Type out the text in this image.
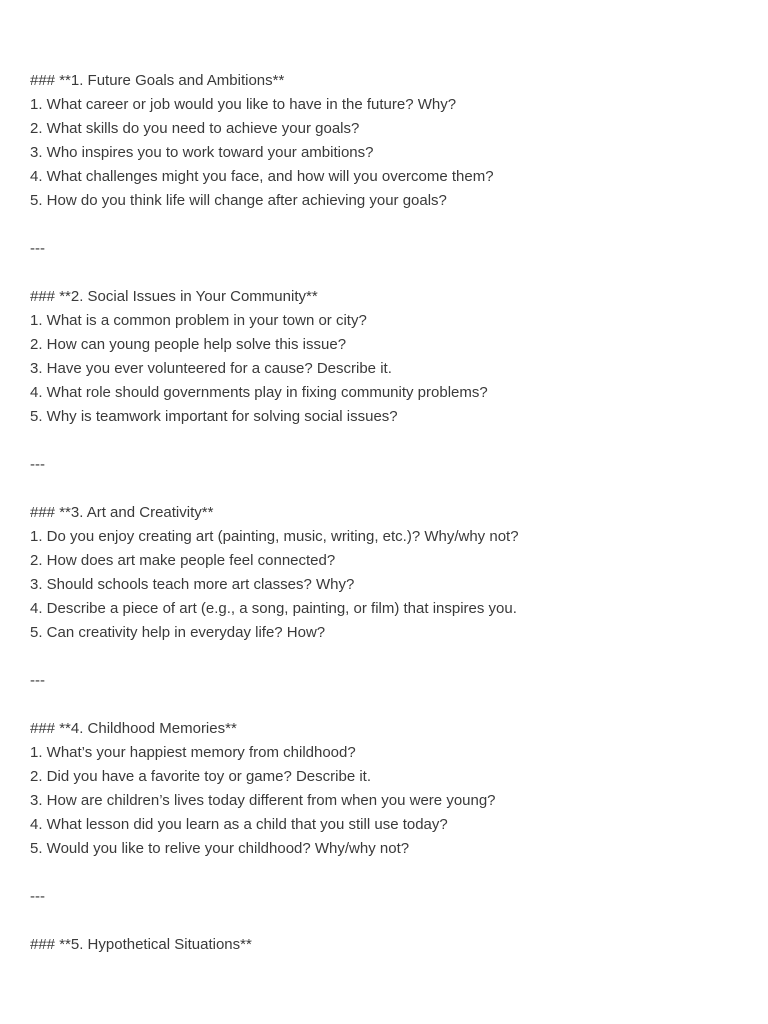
### **1. Future Goals and Ambitions**
1. What career or job would you like to have in the future? Why?
2. What skills do you need to achieve your goals?
3. Who inspires you to work toward your ambitions?
4. What challenges might you face, and how will you overcome them?
5. How do you think life will change after achieving your goals?
---
### **2. Social Issues in Your Community**
1. What is a common problem in your town or city?
2. How can young people help solve this issue?
3. Have you ever volunteered for a cause? Describe it.
4. What role should governments play in fixing community problems?
5. Why is teamwork important for solving social issues?
---
### **3. Art and Creativity**
1. Do you enjoy creating art (painting, music, writing, etc.)? Why/why not?
2. How does art make people feel connected?
3. Should schools teach more art classes? Why?
4. Describe a piece of art (e.g., a song, painting, or film) that inspires you.
5. Can creativity help in everyday life? How?
---
### **4. Childhood Memories**
1. What’s your happiest memory from childhood?
2. Did you have a favorite toy or game? Describe it.
3. How are children’s lives today different from when you were young?
4. What lesson did you learn as a child that you still use today?
5. Would you like to relive your childhood? Why/why not?
---
### **5. Hypothetical Situations**
